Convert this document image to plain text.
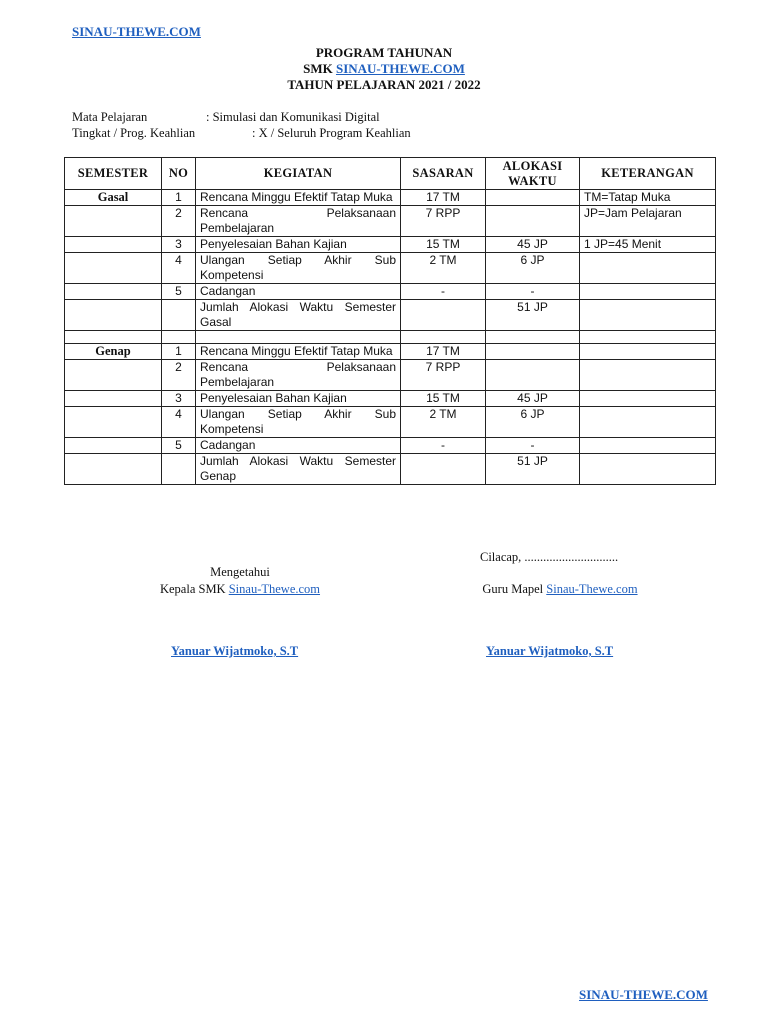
SINAU-THEWE.COM
PROGRAM TAHUNAN
SMK SINAU-THEWE.COM
TAHUN PELAJARAN 2021 / 2022
Mata Pelajaran	: Simulasi dan Komunikasi Digital
Tingkat / Prog. Keahlian	: X / Seluruh Program Keahlian
SEMESTER	NO	KEGIATAN	SASARAN	ALOKASI WAKTU	KETERANGAN
Gasal	1	Rencana Minggu Efektif Tatap Muka	17 TM		TM=Tatap Muka
	2	Rencana Pelaksanaan Pembelajaran	7 RPP		JP=Jam Pelajaran
	3	Penyelesaian Bahan Kajian	15 TM	45 JP	1 JP=45 Menit
	4	Ulangan Setiap Akhir Sub Kompetensi	2 TM	6 JP	
	5	Cadangan	-	-	
		Jumlah Alokasi Waktu Semester Gasal		51 JP	

Genap	1	Rencana Minggu Efektif Tatap Muka	17 TM		
	2	Rencana Pelaksanaan Pembelajaran	7 RPP		
	3	Penyelesaian Bahan Kajian	15 TM	45 JP	
	4	Ulangan Setiap Akhir Sub Kompetensi	2 TM	6 JP	
	5	Cadangan	-	-	
		Jumlah Alokasi Waktu Semester Genap		51 JP	
Cilacap, ..............................
Mengetahui
Kepala SMK Sinau-Thewe.com	Guru Mapel Sinau-Thewe.com
Yanuar Wijatmoko, S.T	Yanuar Wijatmoko, S.T
SINAU-THEWE.COM
